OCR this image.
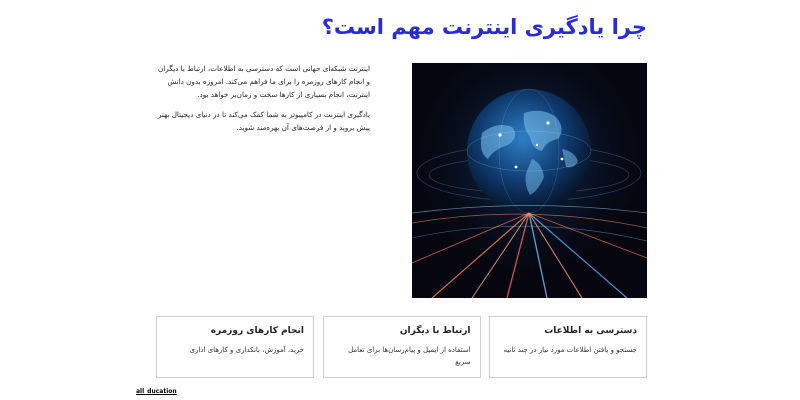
چرا یادگیری اینترنت مهم است؟

اینترنت شبکه‌ای جهانی است که دسترسی به اطلاعات، ارتباط با دیگران و انجام کارهای روزمره را برای ما فراهم می‌کند. امروزه بدون دانش اینترنت، انجام بسیاری از کارها سخت و زمان‌بر خواهد بود.

یادگیری اینترنت در کامپیوتر به شما کمک می‌کند تا در دنیای دیجیتال بهتر پیش بروید و از فرصت‌های آن بهره‌مند شوید.

دسترسی به اطلاعات
جستجو و یافتن اطلاعات مورد نیاز در چند ثانیه
ارتباط با دیگران
استفاده از ایمیل و پیام‌رسان‌ها برای تعامل سریع
انجام کارهای روزمره
خرید، آموزش، بانکداری و کارهای اداری
all_ducation
